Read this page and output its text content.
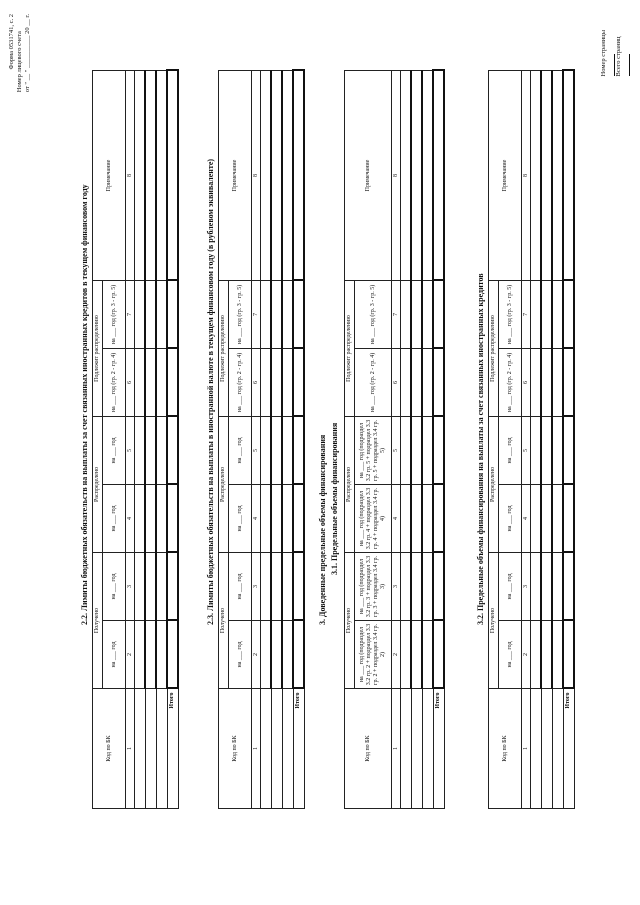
Форма 0531741, с. 2 Номер лицевого счета от " __ " __________ 20 __ г.
2.2. Лимиты бюджетных обязательств на выплаты за счет связанных иностранных кредитов в текущем финансовом году
Код по БК	Получено		Распределено		Подлежит распределению		Примечание
	на ___ год	на ___ год	на ___ год	на ___ год	на ___ год (гр. 2 - гр. 4)	на ___ год (гр. 3 - гр. 5)	
1	2	3	4	5	6	7	8

Итого							
2.3. Лимиты бюджетных обязательств на выплаты в иностранной валюте в текущем финансовом году (в рублевом эквиваленте)
Код по БК	Получено		Распределено		Подлежит распределению		Примечание
	на ___ год	на ___ год	на ___ год	на ___ год	на ___ год (гр. 2 - гр. 4)	на ___ год (гр. 3 - гр. 5)	
1	2	3	4	5	6	7	8

Итого							
3. Доведенные предельные объемы финансирования 3.1. Предельные объемы финансирования
Код по БК	Получено		Распределено		Подлежит распределению		Примечание
	на ___ год (подраздел 3.2 гр. 2 + подраздел 3.3 гр. 2 + подраздел 3.4 гр. 2)	на ___ год (подраздел 3.2 гр. 3 + подраздел 3.3 гр. 3 + подраздел 3.4 гр. 3)	на ___ год (подраздел 3.2 гр. 4 + подраздел 3.3 гр. 4 + подраздел 3.4 гр. 4)	на ___ год (подраздел 3.2 гр. 5 + подраздел 3.3 гр. 5 + подраздел 3.4 гр. 5)	на ___ год (гр. 2 - гр. 4)	на ___ год (гр. 3 - гр. 5)	
1	2	3	4	5	6	7	8

Итого							
3.2. Предельные объемы финансирования на выплаты за счет связанных иностранных кредитов
Код по БК	Получено		Распределено		Подлежит распределению		Примечание
	на ___ год	на ___ год	на ___ год	на ___ год	на ___ год (гр. 2 - гр. 4)	на ___ год (гр. 3 - гр. 5)	
1	2	3	4	5	6	7	8

Итого							
Номер страницы Всего страниц
